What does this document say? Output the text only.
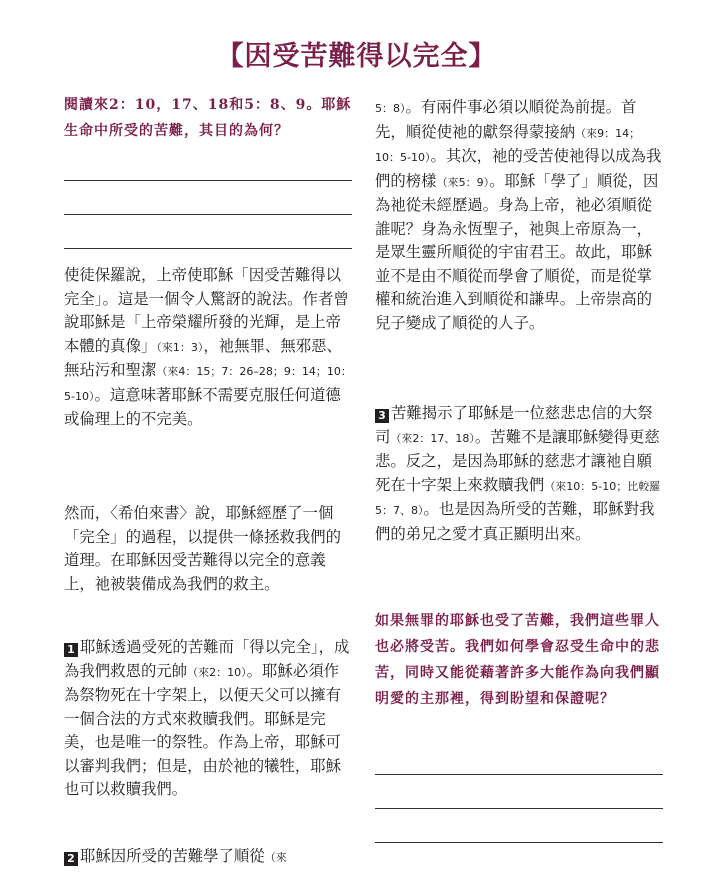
【因受苦難得以完全】
閱讀來2：10，17、18和5：8、9。耶穌生命中所受的苦難，其目的為何？
使徒保羅說，上帝使耶穌「因受苦難得以完全」。這是一個令人驚訝的說法。作者曾說耶穌是「上帝榮耀所發的光輝，是上帝本體的真像」（來1：3），祂無罪、無邪惡、無玷污和聖潔（來4：15；7：26–28；9：14；10：5-10）。這意味著耶穌不需要克服任何道德或倫理上的不完美。
然而，〈希伯來書〉說，耶穌經歷了一個「完全」的過程，以提供一條拯救我們的道理。在耶穌因受苦難得以完全的意義上，祂被裝備成為我們的救主。
1 耶穌透過受死的苦難而「得以完全」，成為我們救恩的元帥（來2：10）。耶穌必須作為祭物死在十字架上，以便天父可以擁有一個合法的方式來救贖我們。耶穌是完美，也是唯一的祭牲。作為上帝，耶穌可以審判我們；但是，由於祂的犧牲，耶穌也可以救贖我們。
2 耶穌因所受的苦難學了順從（來
5：8）。有兩件事必須以順從為前提。首先，順從使祂的獻祭得蒙接納（來9：14；10：5-10）。其次，祂的受苦使祂得以成為我們的榜樣（來5：9）。耶穌「學了」順從，因為祂從未經歷過。身為上帝，祂必須順從誰呢？身為永恆聖子，祂與上帝原為一，是眾生靈所順從的宇宙君王。故此，耶穌並不是由不順從而學會了順從，而是從掌權和統治進入到順從和謙卑。上帝崇高的兒子變成了順從的人子。
3 苦難揭示了耶穌是一位慈悲忠信的大祭司（來2：17、18）。苦難不是讓耶穌變得更慈悲。反之，是因為耶穌的慈悲才讓祂自願死在十字架上來救贖我們（來10：5-10；比較羅5：7、8）。也是因為所受的苦難，耶穌對我們的弟兄之愛才真正顯明出來。
如果無罪的耶穌也受了苦難，我們這些罪人也必將受苦。我們如何學會忍受生命中的悲苦，同時又能從藉著許多大能作為向我們顯明愛的主那裡，得到盼望和保證呢？
